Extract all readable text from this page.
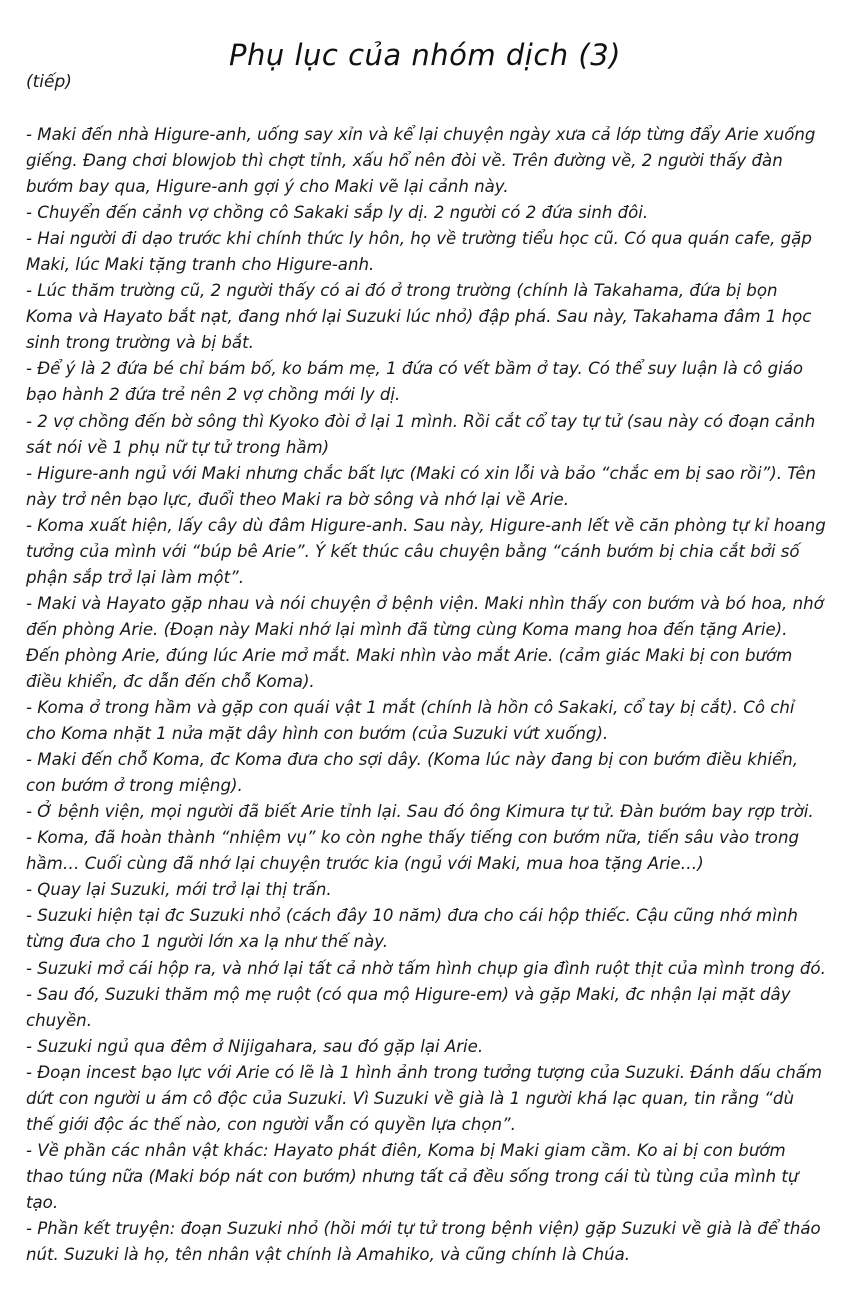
Phụ lục của nhóm dịch (3)
(tiếp)

- Maki đến nhà Higure-anh, uống say xỉn và kể lại chuyện ngày xưa cả lớp từng đẩy Arie xuống giếng. Đang chơi blowjob thì chợt tỉnh, xấu hổ nên đòi về. Trên đường về, 2 người thấy đàn bướm bay qua, Higure-anh gợi ý cho Maki vẽ lại cảnh này.

- Chuyển đến cảnh vợ chồng cô Sakaki sắp ly dị. 2 người có 2 đứa sinh đôi.

- Hai người đi dạo trước khi chính thức ly hôn, họ về trường tiểu học cũ. Có qua quán cafe, gặp Maki, lúc Maki tặng tranh cho Higure-anh.

- Lúc thăm trường cũ, 2 người thấy có ai đó ở trong trường (chính là Takahama, đứa bị bọn Koma và Hayato bắt nạt, đang nhớ lại Suzuki lúc nhỏ) đập phá. Sau này, Takahama đâm 1 học sinh trong trường và bị bắt.

- Để ý là 2 đứa bé chỉ bám bố, ko bám mẹ, 1 đứa có vết bầm ở tay. Có thể suy luận là cô giáo bạo hành 2 đứa trẻ nên 2 vợ chồng mới ly dị.

- 2 vợ chồng đến bờ sông thì Kyoko đòi ở lại 1 mình. Rồi cắt cổ tay tự tử (sau này có đoạn cảnh sát nói về 1 phụ nữ tự tử trong hầm)

- Higure-anh ngủ với Maki nhưng chắc bất lực (Maki có xin lỗi và bảo “chắc em bị sao rồi”). Tên này trở nên bạo lực, đuổi theo Maki ra bờ sông và nhớ lại về Arie.

- Koma xuất hiện, lấy cây dù đâm Higure-anh. Sau này, Higure-anh lết về căn phòng tự kỉ hoang tưởng của mình với “búp bê Arie”. Ý kết thúc câu chuyện bằng “cánh bướm bị chia cắt bởi số phận sắp trở lại làm một”.

- Maki và Hayato gặp nhau và nói chuyện ở bệnh viện. Maki nhìn thấy con bướm và bó hoa, nhớ đến phòng Arie. (Đoạn này Maki nhớ lại mình đã từng cùng Koma mang hoa đến tặng Arie). Đến phòng Arie, đúng lúc Arie mở mắt. Maki nhìn vào mắt Arie. (cảm giác Maki bị con bướm điều khiển, đc dẫn đến chỗ Koma).

- Koma ở trong hầm và gặp con quái vật 1 mắt (chính là hồn cô Sakaki, cổ tay bị cắt). Cô chỉ cho Koma nhặt 1 nửa mặt dây hình con bướm (của Suzuki vứt xuống).

- Maki đến chỗ Koma, đc Koma đưa cho sợi dây. (Koma lúc này đang bị con bướm điều khiển, con bướm ở trong miệng).

- Ở bệnh viện, mọi người đã biết Arie tỉnh lại. Sau đó ông Kimura tự tử. Đàn bướm bay rợp trời.

- Koma, đã hoàn thành “nhiệm vụ” ko còn nghe thấy tiếng con bướm nữa, tiến sâu vào trong hầm… Cuối cùng đã nhớ lại chuyện trước kia (ngủ với Maki, mua hoa tặng Arie…)

- Quay lại Suzuki, mới trở lại thị trấn.

- Suzuki hiện tại đc Suzuki nhỏ (cách đây 10 năm) đưa cho cái hộp thiếc. Cậu cũng nhớ mình từng đưa cho 1 người lớn xa lạ như thế này.

- Suzuki mở cái hộp ra, và nhớ lại tất cả nhờ tấm hình chụp gia đình ruột thịt của mình trong đó.

- Sau đó, Suzuki thăm mộ mẹ ruột (có qua mộ Higure-em) và gặp Maki, đc nhận lại mặt dây chuyền.

- Suzuki ngủ qua đêm ở Nijigahara, sau đó gặp lại Arie.

- Đoạn incest bạo lực với Arie có lẽ là 1 hình ảnh trong tưởng tượng của Suzuki. Đánh dấu chấm dứt con người u ám cô độc của Suzuki. Vì Suzuki về già là 1 người khá lạc quan, tin rằng “dù thế giới độc ác thế nào, con người vẫn có quyền lựa chọn”.

- Về phần các nhân vật khác: Hayato phát điên, Koma bị Maki giam cầm. Ko ai bị con bướm thao túng nữa (Maki bóp nát con bướm) nhưng tất cả đều sống trong cái tù tùng của mình tự tạo.

- Phần kết truyện: đoạn Suzuki nhỏ (hồi mới tự tử trong bệnh viện) gặp Suzuki về già là để tháo nút. Suzuki là họ, tên nhân vật chính là Amahiko, và cũng chính là Chúa.
